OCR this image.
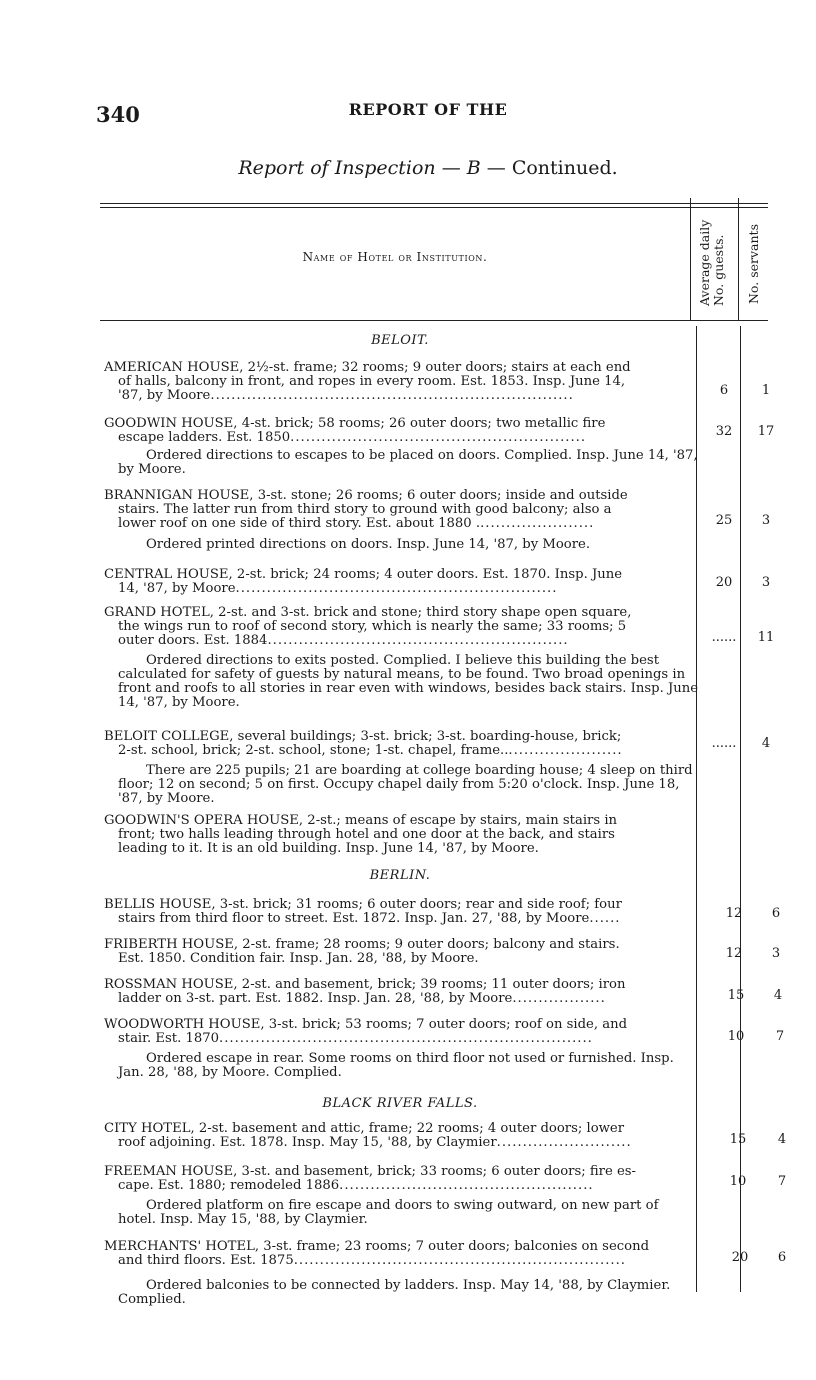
340	REPORT OF THE
Report of Inspection — B — Continued.
Name of Hotel or Institution.	Average daily No. guests. No. servants
BELOIT.
AMERICAN HOUSE, 2½-st. frame; 32 rooms; 9 outer doors; stairs at each end
of halls, balcony in front, and ropes in every room. Est. 1853. Insp. June 14,
'87, by Moore......................................................................	6	1
GOODWIN HOUSE, 4-st. brick; 58 rooms; 26 outer doors; two metallic fire
escape ladders. Est. 1850.........................................................	32	17
Ordered directions to escapes to be placed on doors. Complied. Insp. June 14, '87, by Moore.
BRANNIGAN HOUSE, 3-st. stone; 26 rooms; 6 outer doors; inside and outside
stairs. The latter run from third story to ground with good balcony; also a
lower roof on one side of third story. Est. about 1880 .......................	25	3
Ordered printed directions on doors. Insp. June 14, '87, by Moore.
CENTRAL HOUSE, 2-st. brick; 24 rooms; 4 outer doors. Est. 1870. Insp. June
14, '87, by Moore..............................................................	20	3
GRAND HOTEL, 2-st. and 3-st. brick and stone; third story shape open square,
the wings run to roof of second story, which is nearly the same; 33 rooms; 5
outer doors. Est. 1884..........................................................	......	11
Ordered directions to exits posted. Complied. I believe this building the best calculated for safety of guests by natural means, to be found. Two broad openings in front and roofs to all stories in rear even with windows, besides back stairs. Insp. June 14, '87, by Moore.
BELOIT COLLEGE, several buildings; 3-st. brick; 3-st. boarding-house, brick;
2-st. school, brick; 2-st. school, stone; 1-st. chapel, frame........................	......	4
There are 225 pupils; 21 are boarding at college boarding house; 4 sleep on third floor; 12 on second; 5 on first. Occupy chapel daily from 5:20 o'clock. Insp. June 18, '87, by Moore.
GOODWIN'S OPERA HOUSE, 2-st.; means of escape by stairs, main stairs in
front; two halls leading through hotel and one door at the back, and stairs
leading to it. It is an old building. Insp. June 14, '87, by Moore.
BERLIN.
BELLIS HOUSE, 3-st. brick; 31 rooms; 6 outer doors; rear and side roof; four
stairs from third floor to street. Est. 1872. Insp. Jan. 27, '88, by Moore......	12	6
FRIBERTH HOUSE, 2-st. frame; 28 rooms; 9 outer doors; balcony and stairs.
Est. 1850. Condition fair. Insp. Jan. 28, '88, by Moore.	12	3
ROSSMAN HOUSE, 2-st. and basement, brick; 39 rooms; 11 outer doors; iron
ladder on 3-st. part. Est. 1882. Insp. Jan. 28, '88, by Moore..................	15	4
WOODWORTH HOUSE, 3-st. brick; 53 rooms; 7 outer doors; roof on side, and
stair. Est. 1870........................................................................	10	7
Ordered escape in rear. Some rooms on third floor not used or furnished. Insp. Jan. 28, '88, by Moore. Complied.
BLACK RIVER FALLS.
CITY HOTEL, 2-st. basement and attic, frame; 22 rooms; 4 outer doors; lower
roof adjoining. Est. 1878. Insp. May 15, '88, by Claymier..........................	15	4
FREEMAN HOUSE, 3-st. and basement, brick; 33 rooms; 6 outer doors; fire es-
cape. Est. 1880; remodeled 1886.................................................	10	7
Ordered platform on fire escape and doors to swing outward, on new part of hotel. Insp. May 15, '88, by Claymier.
MERCHANTS' HOTEL, 3-st. frame; 23 rooms; 7 outer doors; balconies on second
and third floors. Est. 1875................................................................	20	6
Ordered balconies to be connected by ladders. Insp. May 14, '88, by Claymier. Complied.
